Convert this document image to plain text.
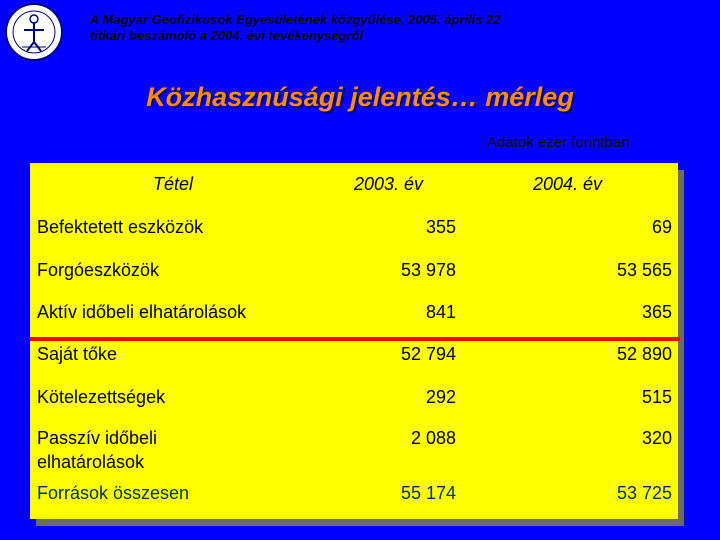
A Magyar Geofizikusok Egyesületének közgyűlése, 2005. április 22
titkári beszámoló a 2004. évi tevékenységről
Közhasznúsági jelentés… mérleg
Adatok ezer forintban
Tétel	2003. év	2004. év
Befektetett eszközök	355	69
Forgóeszközök	53 978	53 565
Aktív időbeli elhatárolások	841	365
Saját tőke	52 794	52 890
Kötelezettségek	292	515
Passzív időbeli
elhatárolások
2 088	320
Források összesen	55 174	53 725
